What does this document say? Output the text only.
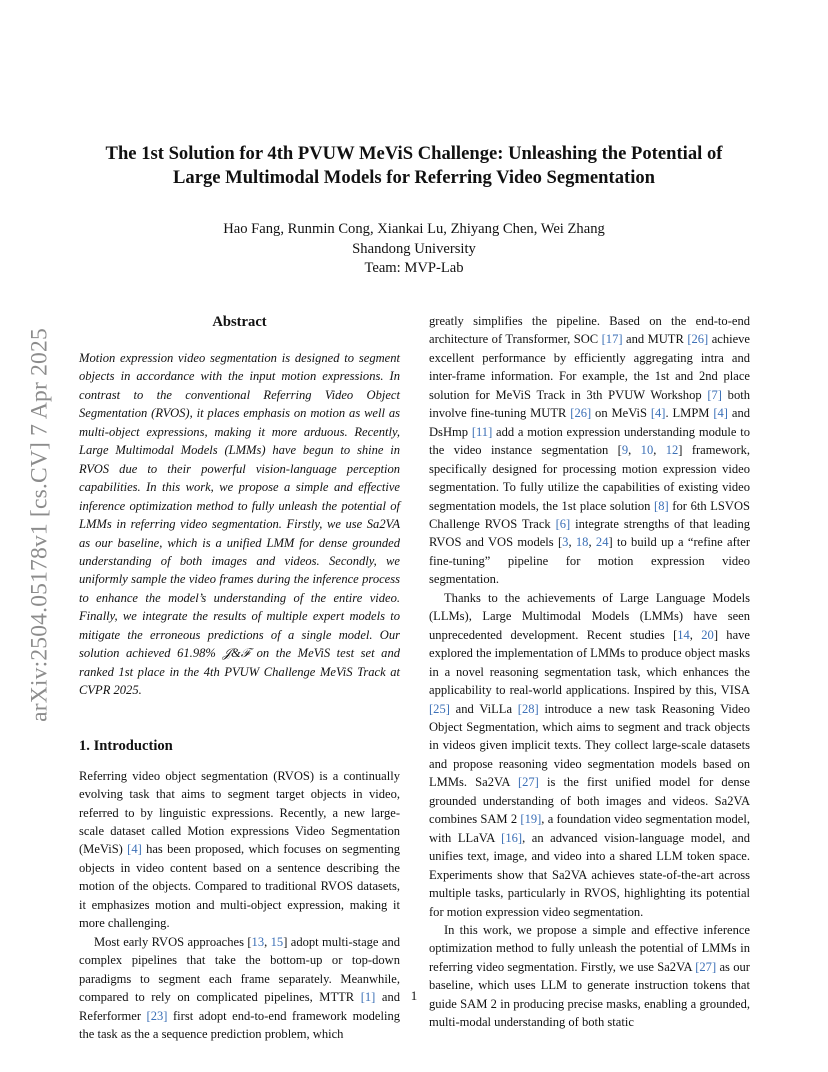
arXiv:2504.05178v1 [cs.CV] 7 Apr 2025
The 1st Solution for 4th PVUW MeViS Challenge: Unleashing the Potential of
Large Multimodal Models for Referring Video Segmentation
Hao Fang, Runmin Cong, Xiankai Lu, Zhiyang Chen, Wei Zhang
Shandong University
Team: MVP-Lab
Abstract

Motion expression video segmentation is designed to segment objects in accordance with the input motion expressions. In contrast to the conventional Referring Video Object Segmentation (RVOS), it places emphasis on motion as well as multi-object expressions, making it more arduous. Recently, Large Multimodal Models (LMMs) have begun to shine in RVOS due to their powerful vision-language perception capabilities. In this work, we propose a simple and effective inference optimization method to fully unleash the potential of LMMs in referring video segmentation. Firstly, we use Sa2VA as our baseline, which is a unified LMM for dense grounded understanding of both images and videos. Secondly, we uniformly sample the video frames during the inference process to enhance the model’s understanding of the entire video. Finally, we integrate the results of multiple expert models to mitigate the erroneous predictions of a single model. Our solution achieved 61.98% 𝒥&ℱ on the MeViS test set and ranked 1st place in the 4th PVUW Challenge MeViS Track at CVPR 2025.

1. Introduction

Referring video object segmentation (RVOS) is a continually evolving task that aims to segment target objects in video, referred to by linguistic expressions. Recently, a new large-scale dataset called Motion expressions Video Segmentation (MeViS) [4] has been proposed, which focuses on segmenting objects in video content based on a sentence describing the motion of the objects. Compared to traditional RVOS datasets, it emphasizes motion and multi-object expression, making it more challenging.

Most early RVOS approaches [13, 15] adopt multi-stage and complex pipelines that take the bottom-up or top-down paradigms to segment each frame separately. Meanwhile, compared to rely on complicated pipelines, MTTR [1] and Referformer [23] first adopt end-to-end framework modeling the task as the a sequence prediction problem, which

greatly simplifies the pipeline. Based on the end-to-end architecture of Transformer, SOC [17] and MUTR [26] achieve excellent performance by efficiently aggregating intra and inter-frame information. For example, the 1st and 2nd place solution for MeViS Track in 3th PVUW Workshop [7] both involve fine-tuning MUTR [26] on MeViS [4]. LMPM [4] and DsHmp [11] add a motion expression understanding module to the video instance segmentation [9, 10, 12] framework, specifically designed for processing motion expression video segmentation. To fully utilize the capabilities of existing video segmentation models, the 1st place solution [8] for 6th LSVOS Challenge RVOS Track [6] integrate strengths of that leading RVOS and VOS models [3, 18, 24] to build up a “refine after fine-tuning” pipeline for motion expression video segmentation.

Thanks to the achievements of Large Language Models (LLMs), Large Multimodal Models (LMMs) have seen unprecedented development. Recent studies [14, 20] have explored the implementation of LMMs to produce object masks in a novel reasoning segmentation task, which enhances the applicability to real-world applications. Inspired by this, VISA [25] and ViLLa [28] introduce a new task Reasoning Video Object Segmentation, which aims to segment and track objects in videos given implicit texts. They collect large-scale datasets and propose reasoning video segmentation models based on LMMs. Sa2VA [27] is the first unified model for dense grounded understanding of both images and videos. Sa2VA combines SAM 2 [19], a foundation video segmentation model, with LLaVA [16], an advanced vision-language model, and unifies text, image, and video into a shared LLM token space. Experiments show that Sa2VA achieves state-of-the-art across multiple tasks, particularly in RVOS, highlighting its potential for motion expression video segmentation.

In this work, we propose a simple and effective inference optimization method to fully unleash the potential of LMMs in referring video segmentation. Firstly, we use Sa2VA [27] as our baseline, which uses LLM to generate instruction tokens that guide SAM 2 in producing precise masks, enabling a grounded, multi-modal understanding of both static

1
